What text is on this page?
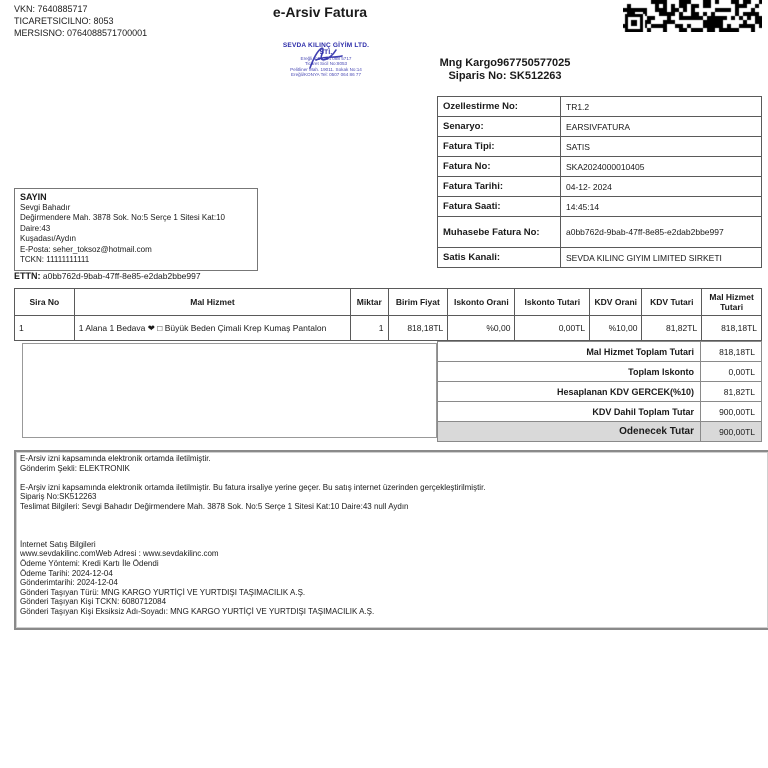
VKN: 7640885717
TICARETSICILNO: 8053
MERSISNO: 0764088571700001
e-Arsiv Fatura
SEVDA KILINÇ GİYİM LTD. ŞTİ.
Ereğli V.D. 764 088 5717
Ticaret Sicil No:8053
Pelitliner Mah. 19011. Sokak No:14
Ereğli/KONYA Tel: 0507 064 86 77
Mng Kargo967750577025
Siparis No: SK512263
Ozellestirme No:	TR1.2
Senaryo:	EARSIVFATURA
Fatura Tipi:	SATIS
Fatura No:	SKA2024000010405
Fatura Tarihi:	04-12- 2024
Fatura Saati:	14:45:14
Muhasebe Fatura No:	a0bb762d-9bab-47ff-8e85-e2dab2bbe997
Satis Kanali:	SEVDA KILINC GIYIM LIMITED SIRKETI
SAYIN
Sevgi Bahadır
Değirmendere Mah. 3878 Sok. No:5 Serçe 1 Sitesi Kat:10
Daire:43
Kuşadası/Aydın
E-Posta: seher_toksoz@hotmail.com
TCKN: 11111111111
ETTN: a0bb762d-9bab-47ff-8e85-e2dab2bbe997
Sira No	Mal Hizmet	Miktar	Birim Fiyat	Iskonto Orani	Iskonto Tutari	KDV Orani	KDV Tutari	Mal Hizmet Tutari
1	1 Alana 1 Bedava ❤ □ Büyük Beden Çimali Krep Kumaş Pantalon	1	818,18TL	%0,00	0,00TL	%10,00	81,82TL	818,18TL
Mal Hizmet Toplam Tutari	818,18TL
Toplam Iskonto	0,00TL
Hesaplanan KDV GERCEK(%10)	81,82TL
KDV Dahil Toplam Tutar	900,00TL
Odenecek Tutar	900,00TL
E-Arsiv izni kapsamında elektronik ortamda iletilmiştir.
Gönderim Şekli: ELEKTRONIK
E-Arşiv izni kapsamında elektronik ortamda iletilmiştir. Bu fatura irsaliye yerine geçer. Bu satış internet üzerinden gerçekleştirilmiştir.
Sipariş No:SK512263
Teslimat Bilgileri: Sevgi Bahadır Değirmendere Mah. 3878 Sok. No:5 Serçe 1 Sitesi Kat:10 Daire:43 null Aydın
İnternet Satış Bilgileri
www.sevdakilinc.comWeb Adresi : www.sevdakilinc.com
Ödeme Yöntemi: Kredi Kartı İle Ödendi
Ödeme Tarihi: 2024-12-04
Gönderimtarihi: 2024-12-04
Gönderi Taşıyan Türü: MNG KARGO YURTİÇİ VE YURTDIŞI TAŞIMACILIK A.Ş.
Gönderi Taşıyan Kişi TCKN: 6080712084
Gönderi Taşıyan Kişi Eksiksiz Adı-Soyadı: MNG KARGO YURTİÇİ VE YURTDIŞI TAŞIMACILIK A.Ş.
